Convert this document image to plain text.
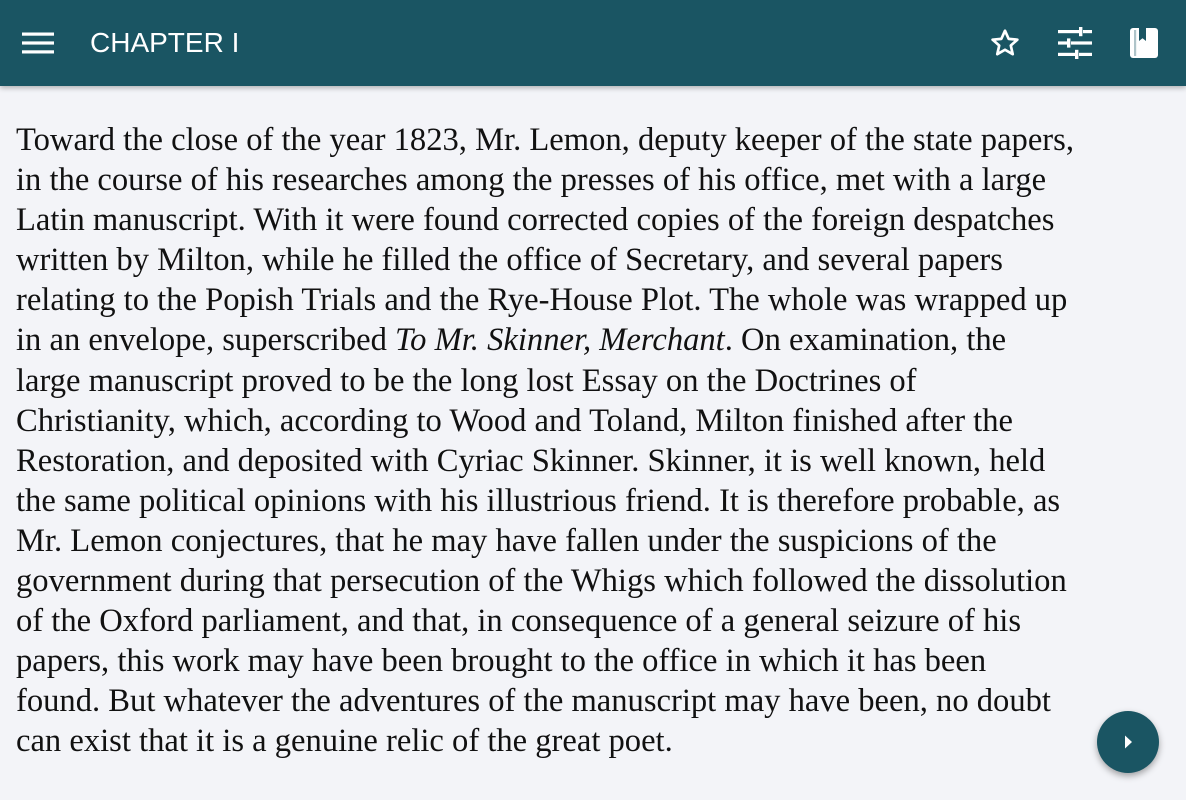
CHAPTER I

Toward the close of the year 1823, Mr. Lemon, deputy keeper of the state papers,
in the course of his researches among the presses of his office, met with a large
Latin manuscript. With it were found corrected copies of the foreign despatches
written by Milton, while he filled the office of Secretary, and several papers
relating to the Popish Trials and the Rye-House Plot. The whole was wrapped up
in an envelope, superscribed To Mr. Skinner, Merchant. On examination, the
large manuscript proved to be the long lost Essay on the Doctrines of
Christianity, which, according to Wood and Toland, Milton finished after the
Restoration, and deposited with Cyriac Skinner. Skinner, it is well known, held
the same political opinions with his illustrious friend. It is therefore probable, as
Mr. Lemon conjectures, that he may have fallen under the suspicions of the
government during that persecution of the Whigs which followed the dissolution
of the Oxford parliament, and that, in consequence of a general seizure of his
papers, this work may have been brought to the office in which it has been
found. But whatever the adventures of the manuscript may have been, no doubt
can exist that it is a genuine relic of the great poet.
